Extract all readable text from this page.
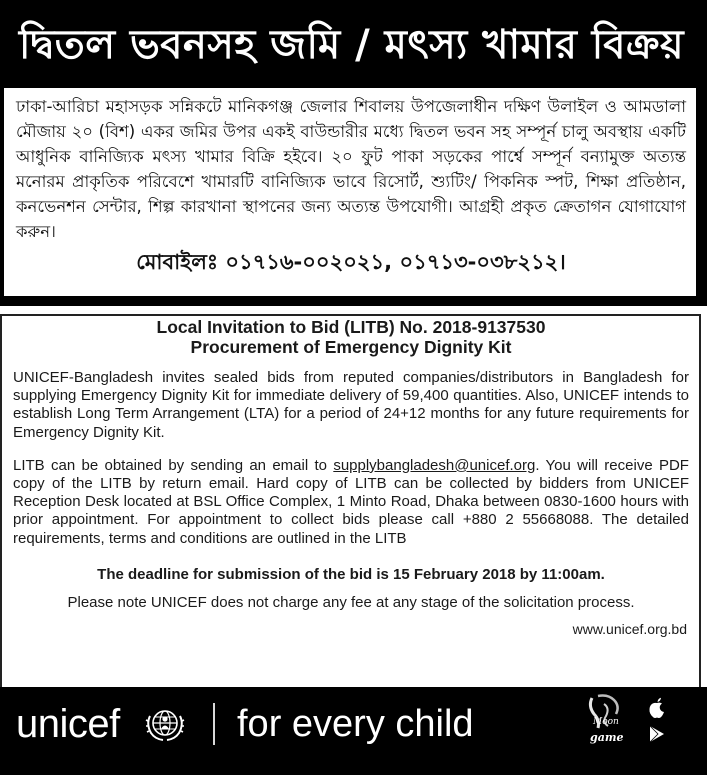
দ্বিতল ভবনসহ জমি / মৎস্য খামার বিক্রয়

ঢাকা-আরিচা মহাসড়ক সন্নিকটে মানিকগঞ্জ জেলার শিবালয় উপজেলাধীন দক্ষিণ উলাইল ও আমডালা মৌজায় ২০ (বিশ) একর জমির উপর একই বাউন্ডারীর মধ্যে দ্বিতল ভবন সহ সম্পূর্ন চালু অবস্থায় একটি আধুনিক বানিজ্যিক মৎস্য খামার বিক্রি হইবে। ২০ ফুট পাকা সড়কের পার্শ্বে সম্পূর্ন বন্যামুক্ত অত্যন্ত মনোরম প্রাকৃতিক পরিবেশে খামারটি বানিজ্যিক ভাবে রিসোর্ট, শ্যুটিং/ পিকনিক স্পট, শিক্ষা প্রতিষ্ঠান, কনভেনশন সেন্টার, শিল্প কারখানা স্থাপনের জন্য অত্যন্ত উপযোগী। আগ্রহী প্রকৃত ক্রেতাগন যোগাযোগ করুন।

মোবাইলঃ ০১৭১৬-০০২০২১, ০১৭১৩-০৩৮২১২।

Local Invitation to Bid (LITB) No. 2018-9137530
Procurement of Emergency Dignity Kit

UNICEF-Bangladesh invites sealed bids from reputed companies/distributors in Bangladesh for supplying Emergency Dignity Kit for immediate delivery of 59,400 quantities. Also, UNICEF intends to establish Long Term Arrangement (LTA) for a period of 24+12 months for any future requirements for Emergency Dignity Kit.

LITB can be obtained by sending an email to supplybangladesh@unicef.org. You will receive PDF copy of the LITB by return email. Hard copy of LITB can be collected by bidders from UNICEF Reception Desk located at BSL Office Complex, 1 Minto Road, Dhaka between 0830-1600 hours with prior appointment. For appointment to collect bids please call +880 2 55668088. The detailed requirements, terms and conditions are outlined in the LITB

The deadline for submission of the bid is 15 February 2018 by 11:00am.

Please note UNICEF does not charge any fee at any stage of the solicitation process.

www.unicef.org.bd

unicef	for every child	Moon
game
